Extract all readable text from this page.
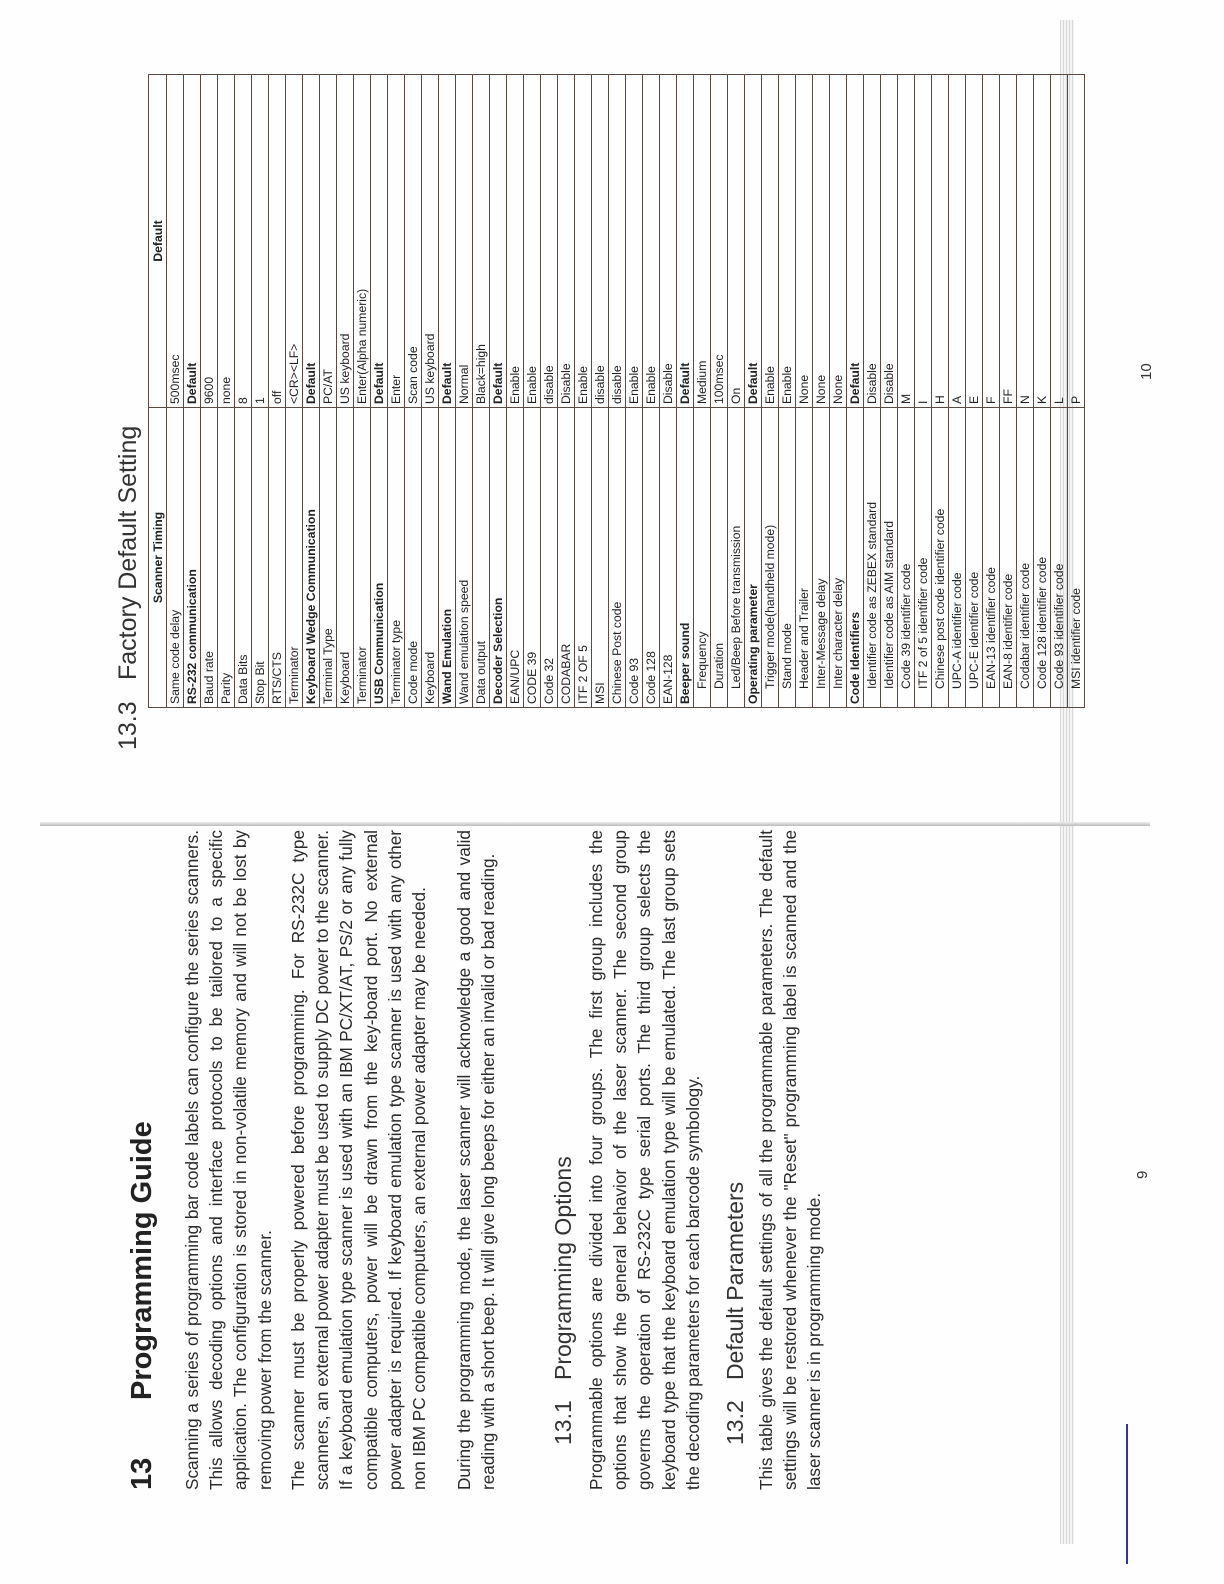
13
Programming Guide Scanning a series of programming bar code labels can configure the series scanners. This allows decoding options and interface protocols to be tailored to a specific application. The configuration is stored in non-volatile memory and will not be lost by removing power from the scanner. The scanner must be properly powered before programming. For RS-232C type scanners, an external power adapter must be used to supply DC power to the scanner. If a keyboard emulation type scanner is used with an IBM PC/XT/AT, PS/2 or any fully compatible computers, power will be drawn from the key-board port. No external power adapter is required. If keyboard emulation type scanner is used with any other non IBM PC compatible computers, an external power adapter may be needed. During the programming mode, the laser scanner will acknowledge a good and valid reading with a short beep. It will give long beeps for either an invalid or bad reading. 13.1
Programming Options Programmable options are divided into four groups. The first group includes the options that show the general behavior of the laser scanner. The second group governs the operation of RS-232C type serial ports. The third group selects the keyboard type that the keyboard emulation type will be emulated. The last group sets the decoding parameters for each barcode symbology. 13.2
Default Parameters This table gives the default settings of all the programmable parameters. The default settings will be restored whenever the "Reset" programming label is scanned and the laser scanner is in programming mode.

9
13.3
Factory Default Setting Scanner Timing	Default
Same code delay	500msec
RS-232 communication	Default
Baud rate	9600
Parity	none
Data Bits	8
Stop Bit	1
RTS/CTS	off
Terminator	<CR><LF>
Keyboard Wedge Communication	Default
Terminal Type	PC/AT
Keyboard	US keyboard
Terminator	Enter(Alpha numeric)
USB Communication	Default
Terminator type	Enter
Code mode	Scan code
Keyboard	US keyboard
Wand Emulation	Default
Wand emulation speed	Normal
Data output	Black=high
Decoder Selection	Default
EAN/UPC	Enable
CODE 39	Enable
Code 32	disable
CODABAR	Disable
ITF 2 OF 5	Enable
MSI	disable
Chinese Post code	disable
Code 93	Enable
Code 128	Enable
EAN-128	Disable
Beeper sound	Default
Frequency	Medium
Duration	100msec
Led/Beep Before transmission	On
Operating parameter	Default
Trigger mode(handheld mode)	Enable
Stand mode	Enable
Header and Trailer	None
Inter-Message delay	None
Inter character delay	None
Code Identifiers	Default
Identifier code as ZEBEX standard	Disable
Identifier code as AIM standard	Disable
Code 39 identifier code	M
ITF 2 of 5 identifier code	I
Chinese post code identifier code	H
UPC-A identifier code	A
UPC-E identifier code	E
EAN-13 identifier code	F
EAN-8 identifier code	FF
Codabar identifier code	N
Code 128 identifier code	K
Code 93 identifier code	L
MSI identifier code	P
10
